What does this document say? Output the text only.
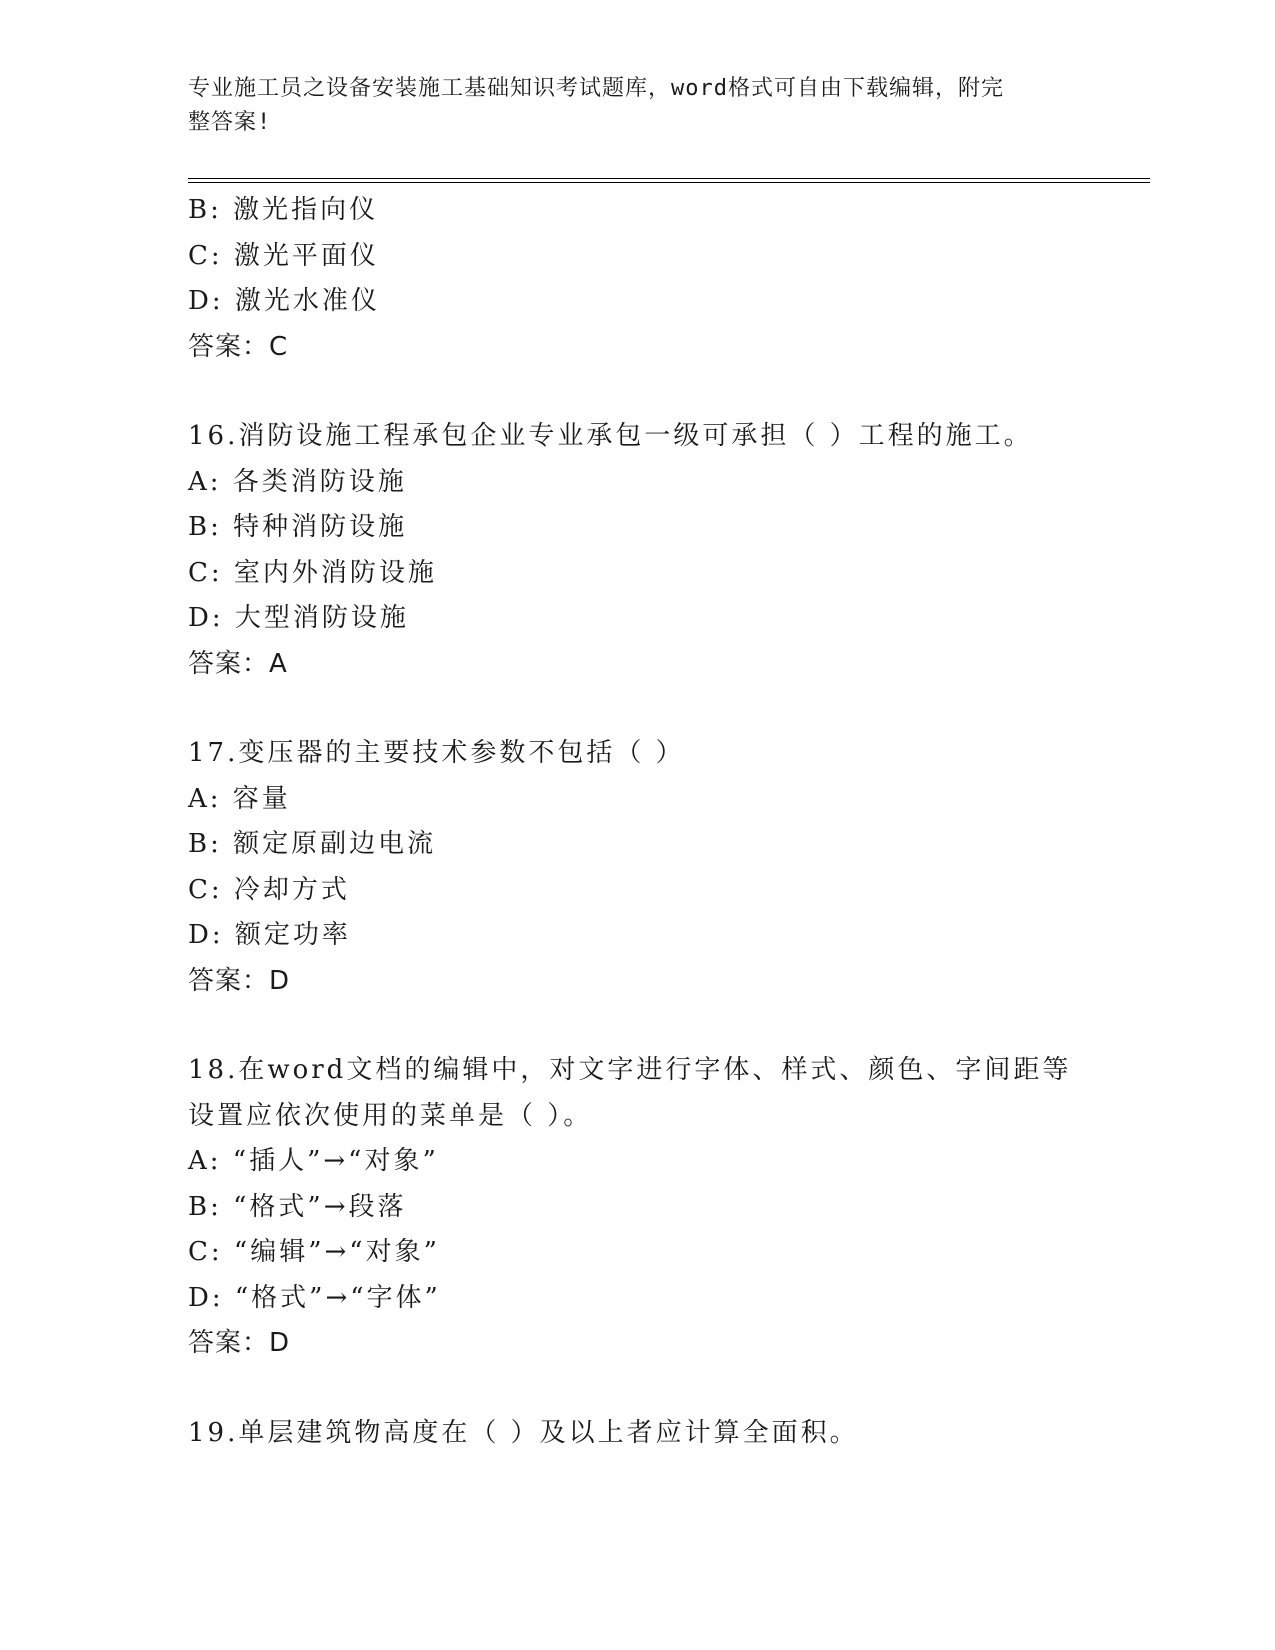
专业施工员之设备安装施工基础知识考试题库，word格式可自由下载编辑，附完
整答案!
B: 激光指向仪
C: 激光平面仪
D: 激光水准仪
答案：C
16.消防设施工程承包企业专业承包一级可承担（ ）工程的施工。
A: 各类消防设施
B: 特种消防设施
C: 室内外消防设施
D: 大型消防设施
答案：A
17.变压器的主要技术参数不包括（ ）
A: 容量
B: 额定原副边电流
C: 冷却方式
D: 额定功率
答案：D
18.在word文档的编辑中，对文字进行字体、样式、颜色、字间距等
设置应依次使用的菜单是（ ）。
A: “插人”→“对象”
B: “格式”→段落
C: “编辑”→“对象”
D: “格式”→“字体”
答案：D
19.单层建筑物高度在（ ）及以上者应计算全面积。
